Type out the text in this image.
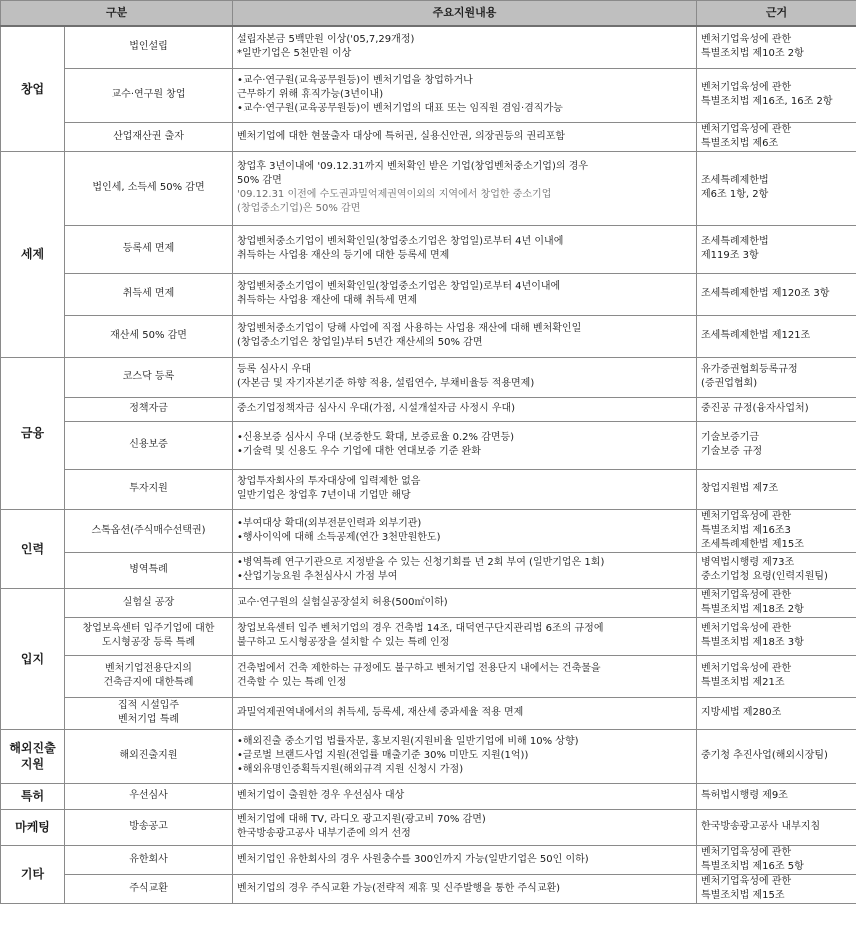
구분		주요지원내용	근거

창업	법인설립	설립자본금 5백만원 이상('05,7,29개정)
*일반기업은 5천만원 이상	벤처기업육성에 관한
특별조치법 제10조 2항

	교수·연구원 창업	•교수·연구원(교육공무원등)이 벤처기업을 창업하거나
근무하기 위해 휴직가능(3년이내)
•교수·연구원(교육공무원등)이 벤처기업의 대표 또는 임직원 겸임·겸직가능	벤처기업육성에 관한
특별조치법 제16조, 16조 2항

	산업재산권 출자	벤처기업에 대한 현물출자 대상에 특허권, 실용신안권, 의장권등의 권리포함	벤처기업육성에 관한
특별조치법 제6조

세제	법인세, 소득세 50% 감면	창업후 3년이내에 '09.12.31까지 벤처확인 받은 기업(창업벤처중소기업)의 경우
50% 감면
'09.12.31 이전에 수도권과밀억제권역이외의 지역에서 창업한 중소기업
(창업중소기업)은 50% 감면	조세특례제한법
제6조 1항, 2항

	등록세 면제	창업벤처중소기업이 벤처확인일(창업중소기업은 창업일)로부터 4년 이내에
취득하는 사업용 재산의 등기에 대한 등록세 면제	조세특례제한법
제119조 3항

	취득세 면제	창업벤처중소기업이 벤처확인일(창업중소기업은 창업일)로부터 4년이내에
취득하는 사업용 재산에 대해 취득세 면제	조세특례제한법 제120조 3항

	재산세 50% 감면	창업벤처중소기업이 당해 사업에 직접 사용하는 사업용 재산에 대해 벤처확인일
(창업중소기업은 창업일)부터 5년간 재산세의 50% 감면	조세특례제한법 제121조

금융	코스닥 등록	등록 심사시 우대
(자본금 및 자기자본기준 하향 적용, 설립연수, 부채비율등 적용면제)	유가증권협회등록규정
(증권업협회)

	정책자금	중소기업정책자금 심사시 우대(가점, 시설개설자금 사정시 우대)	중진공 규정(융자사업처)

	신용보증	•신용보증 심사시 우대 (보증한도 확대, 보증료율 0.2% 감면등)
•기술력 및 신용도 우수 기업에 대한 연대보증 기준 완화	기술보증기금
기술보증 규정

	투자지원	창업투자회사의 투자대상에 입력제한 없음
일반기업은 창업후 7년이내 기업만 해당	창업지원법 제7조

인력	스톡옵션(주식매수선택권)	•부여대상 확대(외부전문인력과 외부기관)
•행사이익에 대해 소득공제(연간 3천만원한도)	벤처기업육성에 관한
특별조치법 제16조3
조세특례제한법 제15조

	병역특례	•병역특례 연구기관으로 지정받을 수 있는 신청기회를 년 2회 부여 (일반기업은 1회)
•산업기능요원 추천심사시 가점 부여	병역법시행령 제73조
중소기업청 요령(인력지원팀)

입지	실험실 공장	교수·연구원의 실험실공장설치 허용(500㎡이하)	벤처기업육성에 관한
특별조치법 제18조 2항

	창업보육센터 입주기업에 대한
도시형공장 등록 특례	창업보육센터 입주 벤처기업의 경우 건축법 14조, 대덕연구단지관리법 6조의 규정에
불구하고 도시형공장을 설치할 수 있는 특례 인정	벤처기업육성에 관한
특별조치법 제18조 3항

	벤처기업전용단지의
건축금지에 대한특례	건축법에서 건축 제한하는 규정에도 불구하고 벤처기업 전용단지 내에서는 건축물을
건축할 수 있는 특례 인정	벤처기업육성에 관한
특별조치법 제21조

	집적 시설입주
벤처기업 특례	과밀억제권역내에서의 취득세, 등록세, 재산세 중과세율 적용 면제	지방세법 제280조

해외진출
지원	해외진출지원	•해외진출 중소기업 법률자문, 홍보지원(지원비율 일반기업에 비해 10% 상향)
•글로벌 브랜드사업 지원(전업률 매출기준 30% 미만도 지원(1억))
•해외유명인증획득지원(해외규격 지원 신청시 가점)	중기청 추진사업(해외시장팀)

특허	우선심사	벤처기업이 출원한 경우 우선심사 대상	특허법시행령 제9조

마케팅	방송공고	벤처기업에 대해 TV, 라디오 광고지원(광고비 70% 감면)
한국방송광고공사 내부기준에 의거 선정	한국방송광고공사 내부지침

기타	유한회사	벤처기업인 유한회사의 경우 사원충수를 300인까지 가능(일반기업은 50인 이하)	벤처기업육성에 관한
특별조치법 제16조 5항

	주식교환	벤처기업의 경우 주식교환 가능(전략적 제휴 및 신주발행을 통한 주식교환)	벤처기업육성에 관한
특별조치법 제15조
